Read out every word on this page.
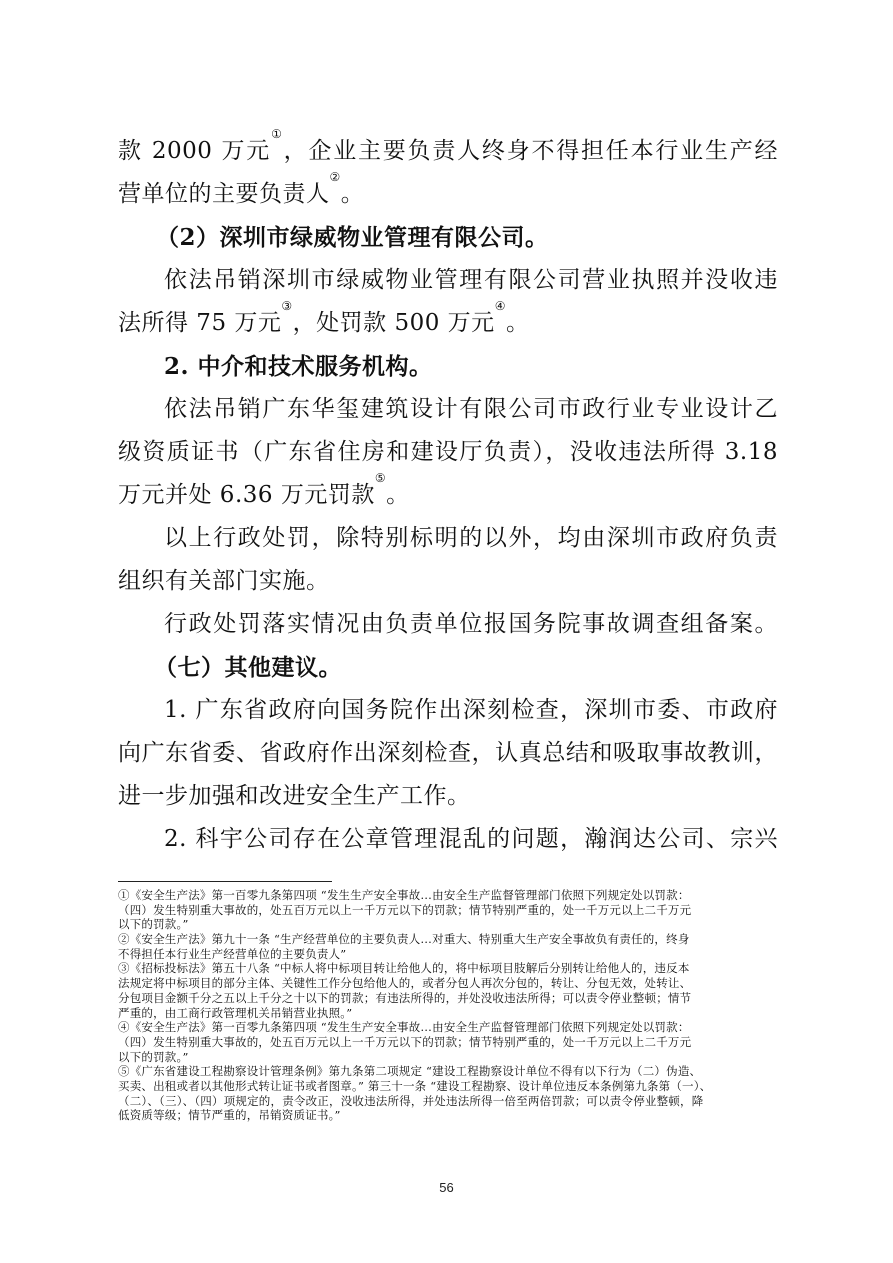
款 2000 万元①，企业主要负责人终身不得担任本行业生产经
营单位的主要负责人②。
（2）深圳市绿威物业管理有限公司。
依法吊销深圳市绿威物业管理有限公司营业执照并没收违
法所得 75 万元③，处罚款 500 万元④。
2. 中介和技术服务机构。
依法吊销广东华玺建筑设计有限公司市政行业专业设计乙
级资质证书（广东省住房和建设厅负责），没收违法所得 3.18
万元并处 6.36 万元罚款⑤。
以上行政处罚，除特别标明的以外，均由深圳市政府负责
组织有关部门实施。
行政处罚落实情况由负责单位报国务院事故调查组备案。
（七）其他建议。
1. 广东省政府向国务院作出深刻检查，深圳市委、市政府
向广东省委、省政府作出深刻检查，认真总结和吸取事故教训，
进一步加强和改进安全生产工作。
2. 科宇公司存在公章管理混乱的问题，瀚润达公司、宗兴
①《安全生产法》第一百零九条第四项 “发生生产安全事故…由安全生产监督管理部门依照下列规定处以罚款：
（四）发生特别重大事故的，处五百万元以上一千万元以下的罚款；情节特别严重的，处一千万元以上二千万元
以下的罚款。”
②《安全生产法》第九十一条 “生产经营单位的主要负责人…对重大、特别重大生产安全事故负有责任的，终身
不得担任本行业生产经营单位的主要负责人”
③《招标投标法》第五十八条 “中标人将中标项目转让给他人的，将中标项目肢解后分别转让给他人的，违反本
法规定将中标项目的部分主体、关键性工作分包给他人的，或者分包人再次分包的，转让、分包无效，处转让、
分包项目金额千分之五以上千分之十以下的罚款；有违法所得的，并处没收违法所得；可以责令停业整顿；情节
严重的，由工商行政管理机关吊销营业执照。”
④《安全生产法》第一百零九条第四项 “发生生产安全事故…由安全生产监督管理部门依照下列规定处以罚款：
（四）发生特别重大事故的，处五百万元以上一千万元以下的罚款；情节特别严重的，处一千万元以上二千万元
以下的罚款。”
⑤《广东省建设工程勘察设计管理条例》第九条第二项规定 “建设工程勘察设计单位不得有以下行为（二）伪造、
买卖、出租或者以其他形式转让证书或者图章。” 第三十一条 “建设工程勘察、设计单位违反本条例第九条第（一）、
（二）、（三）、（四）项规定的，责令改正，没收违法所得，并处违法所得一倍至两倍罚款；可以责令停业整顿，降
低资质等级；情节严重的，吊销资质证书。”
56
